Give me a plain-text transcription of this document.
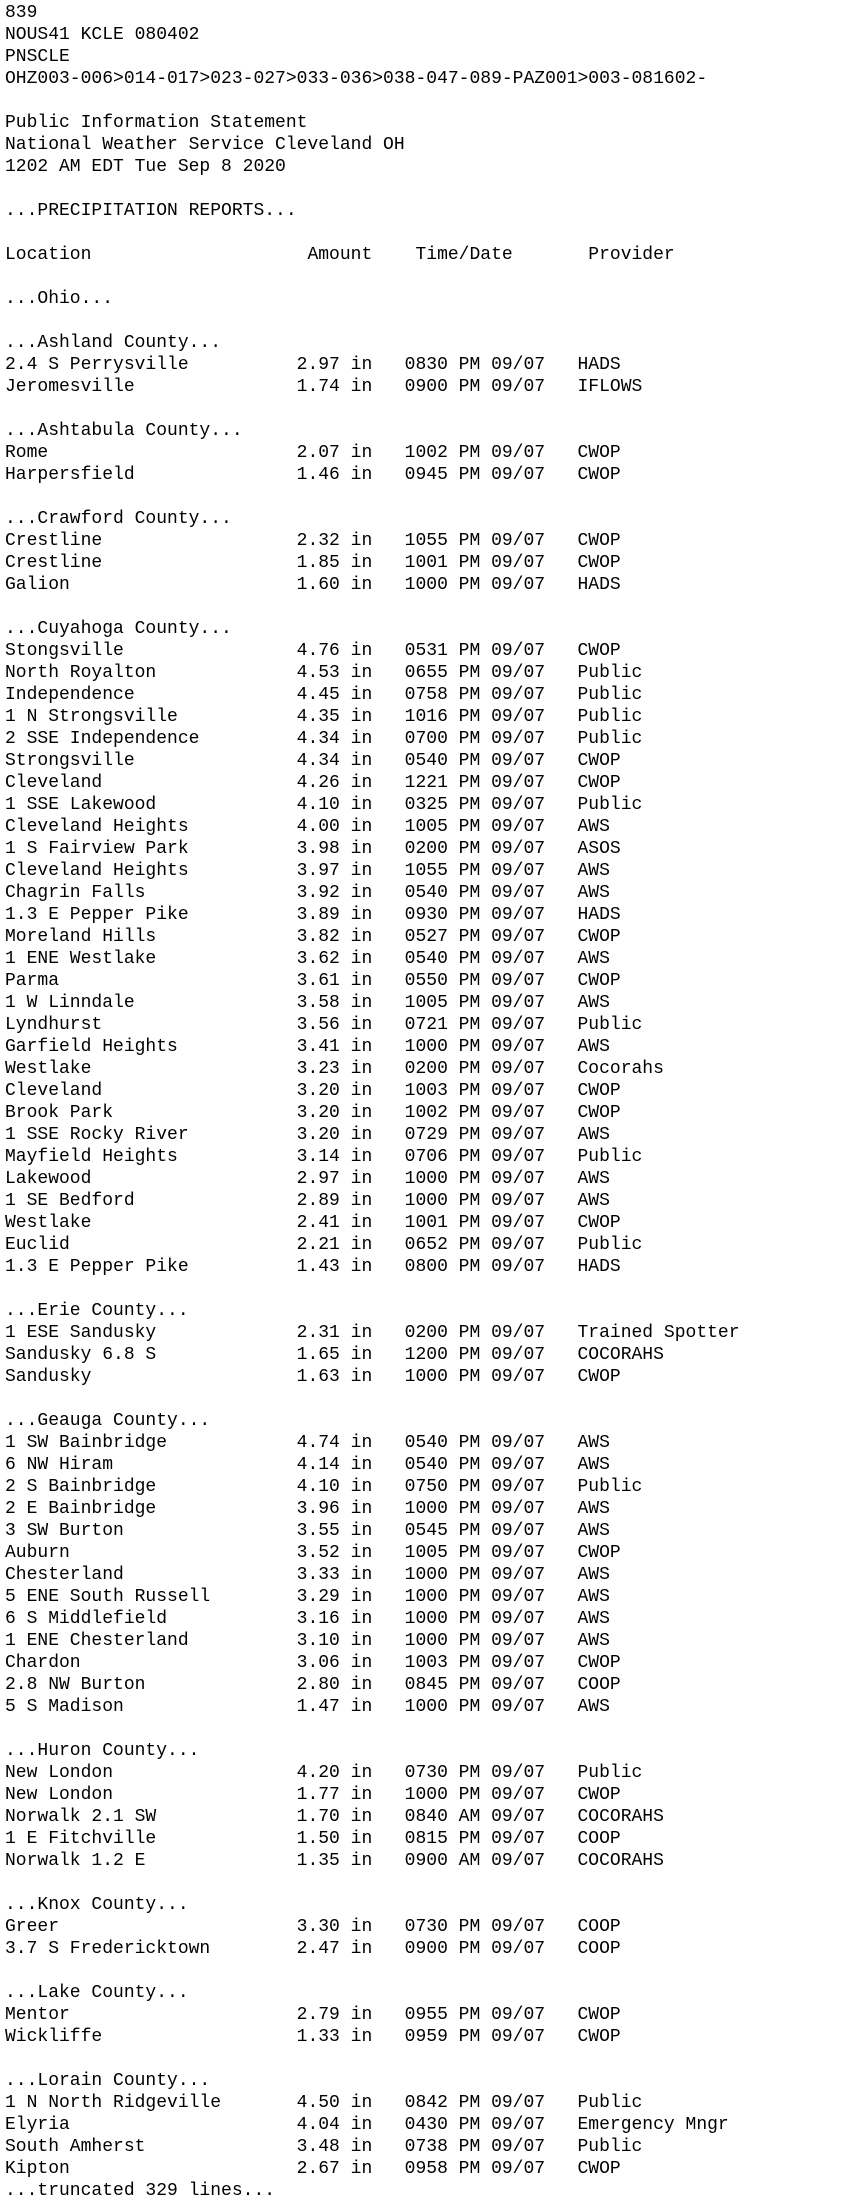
839
NOUS41 KCLE 080402
PNSCLE
OHZ003-006>014-017>023-027>033-036>038-047-089-PAZ001>003-081602-
Public Information Statement
National Weather Service Cleveland OH
1202 AM EDT Tue Sep 8 2020
...PRECIPITATION REPORTS...
Location                    Amount    Time/Date       Provider
...Ohio...
...Ashland County...
2.4 S Perrysville          2.97 in   0830 PM 09/07   HADS
Jeromesville               1.74 in   0900 PM 09/07   IFLOWS
...Ashtabula County...
Rome                       2.07 in   1002 PM 09/07   CWOP
Harpersfield               1.46 in   0945 PM 09/07   CWOP
...Crawford County...
Crestline                  2.32 in   1055 PM 09/07   CWOP
Crestline                  1.85 in   1001 PM 09/07   CWOP
Galion                     1.60 in   1000 PM 09/07   HADS
...Cuyahoga County...
Stongsville                4.76 in   0531 PM 09/07   CWOP
North Royalton             4.53 in   0655 PM 09/07   Public
Independence               4.45 in   0758 PM 09/07   Public
1 N Strongsville           4.35 in   1016 PM 09/07   Public
2 SSE Independence         4.34 in   0700 PM 09/07   Public
Strongsville               4.34 in   0540 PM 09/07   CWOP
Cleveland                  4.26 in   1221 PM 09/07   CWOP
1 SSE Lakewood             4.10 in   0325 PM 09/07   Public
Cleveland Heights          4.00 in   1005 PM 09/07   AWS
1 S Fairview Park          3.98 in   0200 PM 09/07   ASOS
Cleveland Heights          3.97 in   1055 PM 09/07   AWS
Chagrin Falls              3.92 in   0540 PM 09/07   AWS
1.3 E Pepper Pike          3.89 in   0930 PM 09/07   HADS
Moreland Hills             3.82 in   0527 PM 09/07   CWOP
1 ENE Westlake             3.62 in   0540 PM 09/07   AWS
Parma                      3.61 in   0550 PM 09/07   CWOP
1 W Linndale               3.58 in   1005 PM 09/07   AWS
Lyndhurst                  3.56 in   0721 PM 09/07   Public
Garfield Heights           3.41 in   1000 PM 09/07   AWS
Westlake                   3.23 in   0200 PM 09/07   Cocorahs
Cleveland                  3.20 in   1003 PM 09/07   CWOP
Brook Park                 3.20 in   1002 PM 09/07   CWOP
1 SSE Rocky River          3.20 in   0729 PM 09/07   AWS
Mayfield Heights           3.14 in   0706 PM 09/07   Public
Lakewood                   2.97 in   1000 PM 09/07   AWS
1 SE Bedford               2.89 in   1000 PM 09/07   AWS
Westlake                   2.41 in   1001 PM 09/07   CWOP
Euclid                     2.21 in   0652 PM 09/07   Public
1.3 E Pepper Pike          1.43 in   0800 PM 09/07   HADS
...Erie County...
1 ESE Sandusky             2.31 in   0200 PM 09/07   Trained Spotter
Sandusky 6.8 S             1.65 in   1200 PM 09/07   COCORAHS
Sandusky                   1.63 in   1000 PM 09/07   CWOP
...Geauga County...
1 SW Bainbridge            4.74 in   0540 PM 09/07   AWS
6 NW Hiram                 4.14 in   0540 PM 09/07   AWS
2 S Bainbridge             4.10 in   0750 PM 09/07   Public
2 E Bainbridge             3.96 in   1000 PM 09/07   AWS
3 SW Burton                3.55 in   0545 PM 09/07   AWS
Auburn                     3.52 in   1005 PM 09/07   CWOP
Chesterland                3.33 in   1000 PM 09/07   AWS
5 ENE South Russell        3.29 in   1000 PM 09/07   AWS
6 S Middlefield            3.16 in   1000 PM 09/07   AWS
1 ENE Chesterland          3.10 in   1000 PM 09/07   AWS
Chardon                    3.06 in   1003 PM 09/07   CWOP
2.8 NW Burton              2.80 in   0845 PM 09/07   COOP
5 S Madison                1.47 in   1000 PM 09/07   AWS
...Huron County...
New London                 4.20 in   0730 PM 09/07   Public
New London                 1.77 in   1000 PM 09/07   CWOP
Norwalk 2.1 SW             1.70 in   0840 AM 09/07   COCORAHS
1 E Fitchville             1.50 in   0815 PM 09/07   COOP
Norwalk 1.2 E              1.35 in   0900 AM 09/07   COCORAHS
...Knox County...
Greer                      3.30 in   0730 PM 09/07   COOP
3.7 S Fredericktown        2.47 in   0900 PM 09/07   COOP
...Lake County...
Mentor                     2.79 in   0955 PM 09/07   CWOP
Wickliffe                  1.33 in   0959 PM 09/07   CWOP
...Lorain County...
1 N North Ridgeville       4.50 in   0842 PM 09/07   Public
Elyria                     4.04 in   0430 PM 09/07   Emergency Mngr
South Amherst              3.48 in   0738 PM 09/07   Public
Kipton                     2.67 in   0958 PM 09/07   CWOP
...truncated 329 lines...
